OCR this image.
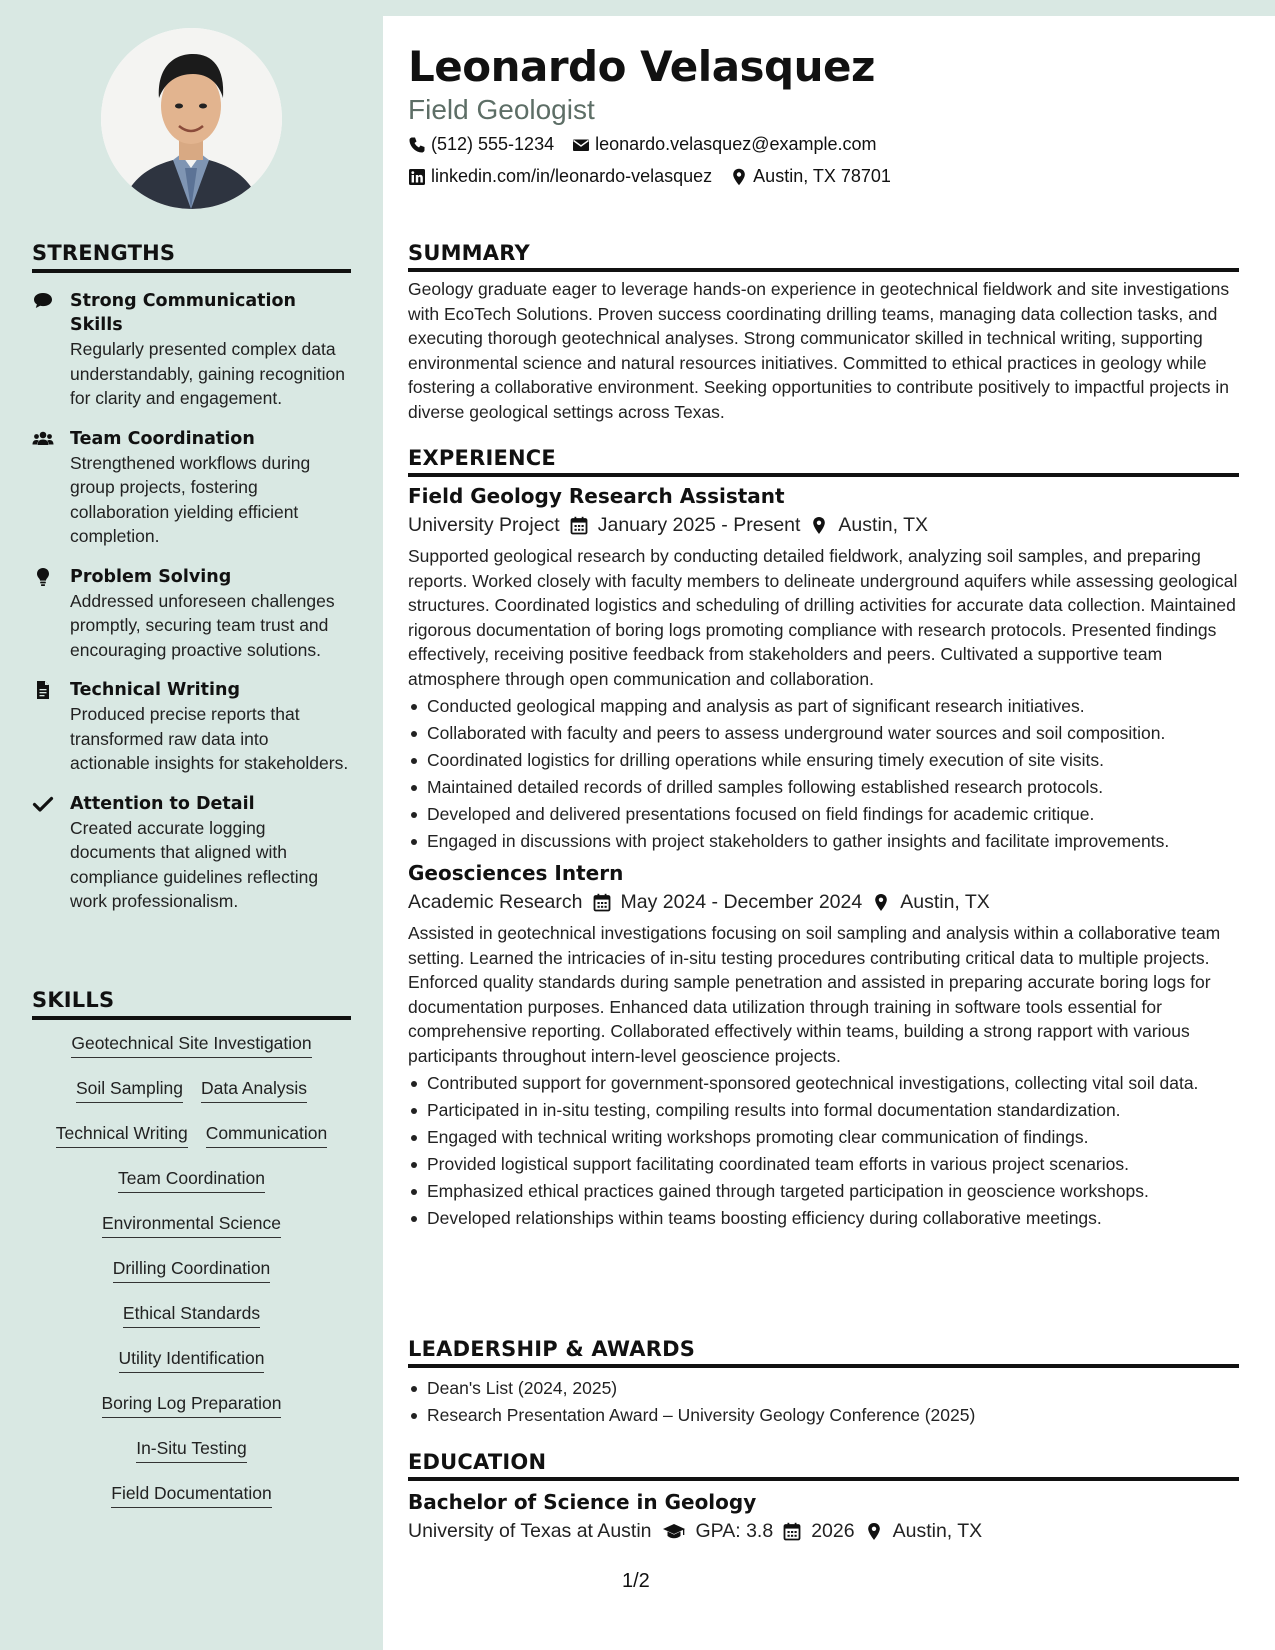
STRENGTHS
Strong Communication Skills
Regularly presented complex data understandably, gaining recognition for clarity and engagement.
Team Coordination
Strengthened workflows during group projects, fostering collaboration yielding efficient completion.
Problem Solving
Addressed unforeseen challenges promptly, securing team trust and encouraging proactive solutions.
Technical Writing
Produced precise reports that transformed raw data into actionable insights for stakeholders.
Attention to Detail
Created accurate logging documents that aligned with compliance guidelines reflecting work professionalism.
SKILLS
Geotechnical Site Investigation
Soil Sampling Data Analysis
Technical Writing Communication
Team Coordination
Environmental Science
Drilling Coordination
Ethical Standards
Utility Identification
Boring Log Preparation
In-Situ Testing
Field Documentation
Leonardo Velasquez
Field Geologist
(512) 555-1234 leonardo.velasquez@example.com
linkedin.com/in/leonardo-velasquez Austin, TX 78701
SUMMARY
Geology graduate eager to leverage hands-on experience in geotechnical fieldwork and site investigations with EcoTech Solutions. Proven success coordinating drilling teams, managing data collection tasks, and executing thorough geotechnical analyses. Strong communicator skilled in technical writing, supporting environmental science and natural resources initiatives. Committed to ethical practices in geology while fostering a collaborative environment. Seeking opportunities to contribute positively to impactful projects in diverse geological settings across Texas.
EXPERIENCE
Field Geology Research Assistant
University Project January 2025 - Present Austin, TX
Supported geological research by conducting detailed fieldwork, analyzing soil samples, and preparing reports. Worked closely with faculty members to delineate underground aquifers while assessing geological structures. Coordinated logistics and scheduling of drilling activities for accurate data collection. Maintained rigorous documentation of boring logs promoting compliance with research protocols. Presented findings effectively, receiving positive feedback from stakeholders and peers. Cultivated a supportive team atmosphere through open communication and collaboration.
Conducted geological mapping and analysis as part of significant research initiatives.
Collaborated with faculty and peers to assess underground water sources and soil composition.
Coordinated logistics for drilling operations while ensuring timely execution of site visits.
Maintained detailed records of drilled samples following established research protocols.
Developed and delivered presentations focused on field findings for academic critique.
Engaged in discussions with project stakeholders to gather insights and facilitate improvements.
Geosciences Intern
Academic Research May 2024 - December 2024 Austin, TX
Assisted in geotechnical investigations focusing on soil sampling and analysis within a collaborative team setting. Learned the intricacies of in-situ testing procedures contributing critical data to multiple projects. Enforced quality standards during sample penetration and assisted in preparing accurate boring logs for documentation purposes. Enhanced data utilization through training in software tools essential for comprehensive reporting. Collaborated effectively within teams, building a strong rapport with various participants throughout intern-level geoscience projects.
Contributed support for government-sponsored geotechnical investigations, collecting vital soil data.
Participated in in-situ testing, compiling results into formal documentation standardization.
Engaged with technical writing workshops promoting clear communication of findings.
Provided logistical support facilitating coordinated team efforts in various project scenarios.
Emphasized ethical practices gained through targeted participation in geoscience workshops.
Developed relationships within teams boosting efficiency during collaborative meetings.
LEADERSHIP & AWARDS
Dean's List (2024, 2025)
Research Presentation Award – University Geology Conference (2025)
EDUCATION
Bachelor of Science in Geology
University of Texas at Austin GPA: 3.8 2026 Austin, TX
1/2
